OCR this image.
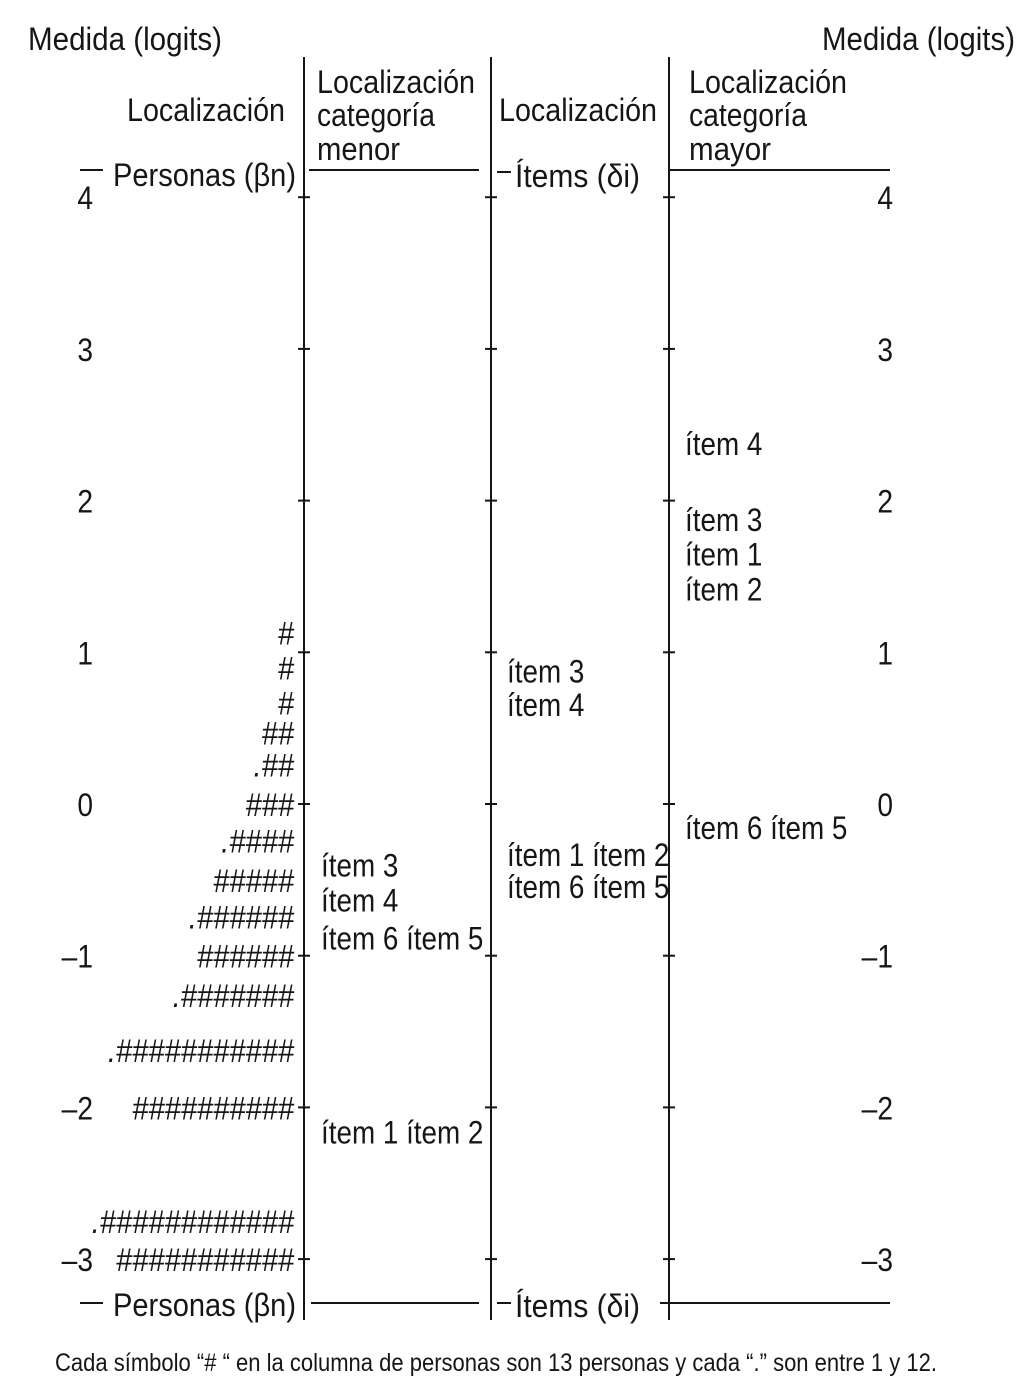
Medida (logits)	Medida (logits)
Localización
Localización
categoría
menor
Localización
Localización
categoría
mayor
Personas (βn)	Ítems (δi)
Personas (βn)	Ítems (δi)
4	4
3	3
2	2
1	1
0	0
–1	–1
–2	–2
–3	–3
#
#
#
##
.##
###
.####
#####
.######
######
.#######
.###########
##########
.############
###########
ítem 3
ítem 4
ítem 6 ítem 5
ítem 1 ítem 2
ítem 3
ítem 4
ítem 1 ítem 2
ítem 6 ítem 5
ítem 4
ítem 3
ítem 1
ítem 2
ítem 6 ítem 5
Cada símbolo “# “ en la columna de personas son 13 personas y cada “.” son entre 1 y 12.
